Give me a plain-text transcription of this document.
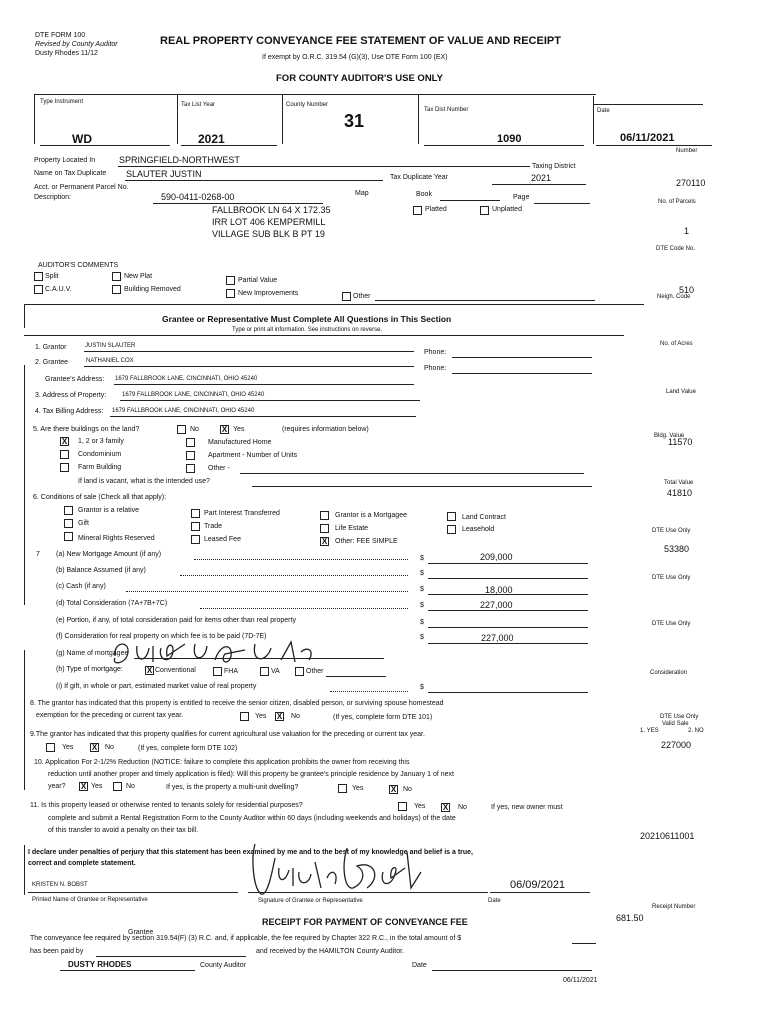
DTE FORM 100
Revised by County Auditor
Dusty Rhodes 11/12
REAL PROPERTY CONVEYANCE FEE STATEMENT OF VALUE AND RECEIPT
If exempt by O.R.C. 319.54 (G)(3), Use DTE Form 100 (EX)
FOR COUNTY AUDITOR'S USE ONLY
Type Instrument
WD
Tax List Year
2021
County Number
31
Tax Dist Number
1090
Date
06/11/2021
Number
270110
No. of Parcels
1
DTE Code No.
510
Neigh. Code
No. of Acres
Land Value
Bldg. Value
11570
Total Value
41810
DTE Use Only
53380
DTE Use Only
DTE Use Only
Consideration
DTE Use Only
Valid Sale
1. YES	2. NO
227000
20210611001
Receipt Number
681.50
Property Located In	SPRINGFIELD-NORTHWEST
Taxing District
Name on Tax Duplicate SLAUTER JUSTIN	Tax Duplicate Year	2021
Acct. or Permanent Parcel No.
590-0411-0268-00	Map	Book	Page
Description:
FALLBROOK LN 64 X 172.35
IRR LOT 406 KEMPERMILL
VILLAGE SUB BLK B PT 19
Platted	Unplatted
AUDITOR'S COMMENTS
Split	New Plat
Partial Value
C.A.U.V.	Building Removed
New Improvements	Other
Grantee or Representative Must Complete All Questions in This Section
Type or print all information. See instructions on reverse.
1. Grantor	JUSTIN SLAUTER
Phone:
2. Grantee	NATHANIEL COX
Phone:
Grantee's Address: 1679 FALLBROOK LANE, CINCINNATI, OHIO 45240
3. Address of Property:	1679 FALLBROOK LANE, CINCINNATI, OHIO 45240
4. Tax Billing Address: 1679 FALLBROOK LANE, CINCINNATI, OHIO 45240
5. Are there buildings on the land?	No	X Yes	(requires information below)
X 1, 2 or 3 family	Manufactured Home
Condominium	Apartment - Number of Units
Farm Building	Other -
If land is vacant, what is the intended use?
6. Conditions of sale (Check all that apply):
Grantor is a relative	Part Interest Transferred	Grantor is a Mortgagee	Land Contract
Gift	Trade	Life Estate	Leasehold
Mineral Rights Reserved	Leased Fee	X Other: FEE SIMPLE
7 (a) New Mortgage Amount (if any)
$	209,000
(b) Balance Assumed (if any)	$
(c) Cash (if any)	$	18,000
(d) Total Consideration (7A+7B+7C)	$	227,000
(e) Portion, if any, of total consideration paid for items other than real property	$
(f) Consideration for real property on which fee is to be paid (7D-7E)	$	227,000
(g) Name of mortgagee
(h) Type of mortgage:	X Conventional	FHA	VA	Other
(i) If gift, in whole or part, estimated market value of real property	$
8. The grantor has indicated that this property is entitled to receive the senior citizen, disabled person, or surviving spouse homestead
exemption for the preceding or current tax year.	Yes X No	(If yes, complete form DTE 101)
9.The grantor has indicated that this property qualifies for current agricultural use valuation for the preceding or current tax year.
Yes X No	(If yes, complete form DTE 102)
10. Application For 2-1/2% Reduction (NOTICE: failure to complete this application prohibits the owner from receiving this
reduction until another proper and timely application is filed): Will this property be grantee's principle residence by January 1 of next
year? X Yes	No	If yes, is the property a multi-unit dwelling?	Yes	X No
11. Is this property leased or otherwise rented to tenants solely for residential purposes?	Yes X No	If yes, new owner must
complete and submit a Rental Registration Form to the County Auditor within 60 days (including weekends and holidays) of the date
of this transfer to avoid a penalty on their tax bill.
I declare under penalties of perjury that this statement has been examined by me and to the best of my knowledge and belief is a true,
correct and complete statement.
KRISTEN N. BOBST
Printed Name of Grantee or Representative	Signature of Grantee or Representative
06/09/2021
Date
RECEIPT FOR PAYMENT OF CONVEYANCE FEE
The conveyance fee required by section 319.54(F) (3) R.C. and, if applicable, the fee required by Chapter 322 R.C., in the total amount of $
Grantee
has been paid by	and received by the HAMILTON County Auditor.
DUSTY RHODES	County Auditor	Date
06/11/2021
